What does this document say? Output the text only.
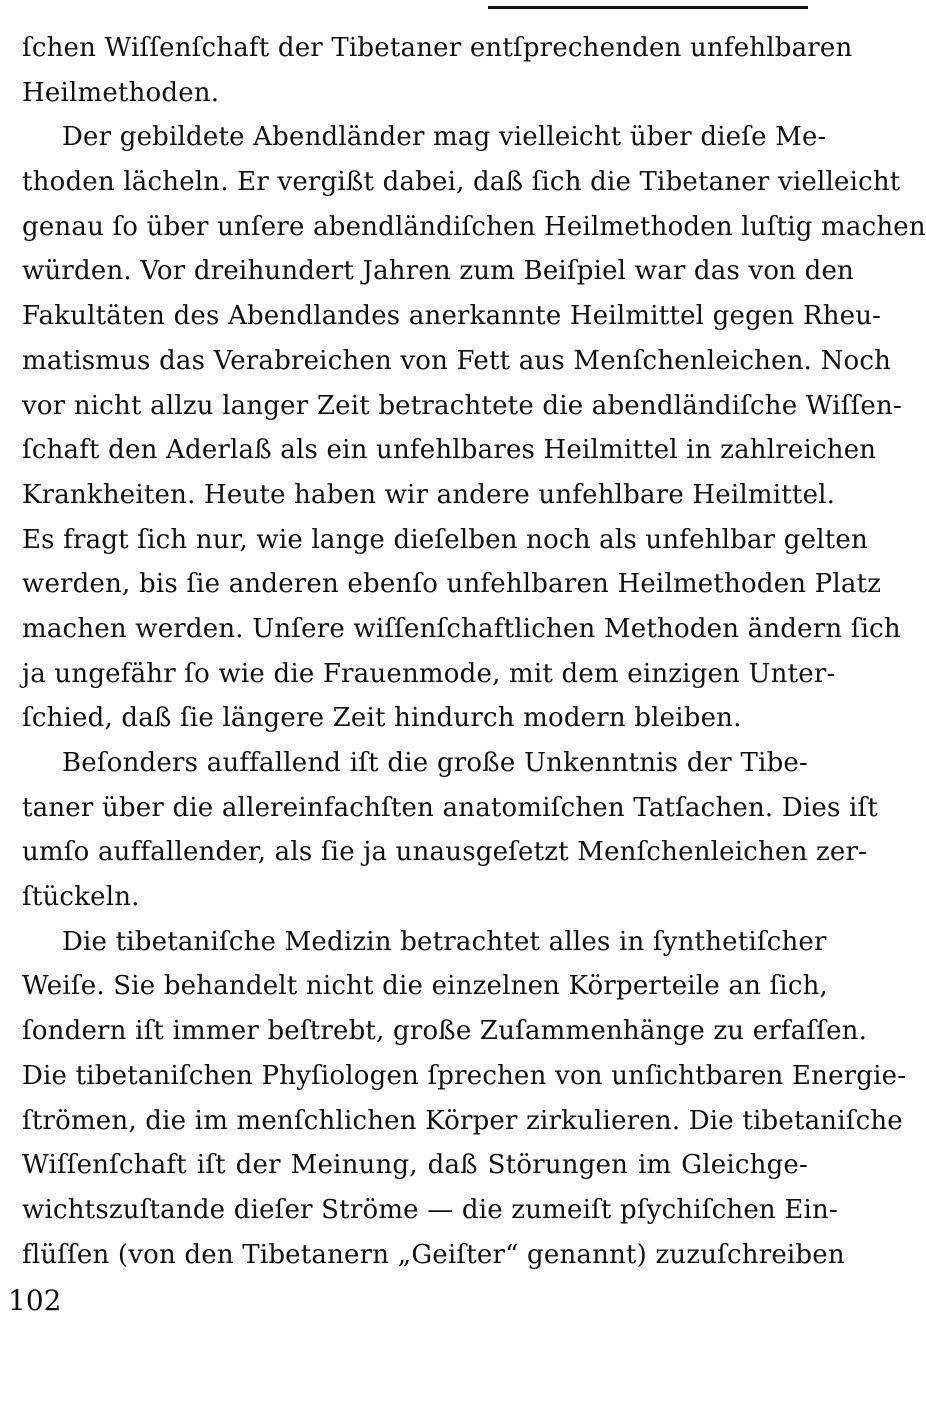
ſchen Wiſſenſchaft der Tibetaner entſprechenden unfehlbaren
Heilmethoden.
Der gebildete Abendländer mag vielleicht über dieſe Me-
thoden lächeln. Er vergißt dabei, daß ſich die Tibetaner vielleicht
genau ſo über unſere abendländiſchen Heilmethoden luſtig machen
würden. Vor dreihundert Jahren zum Beiſpiel war das von den
Fakultäten des Abendlandes anerkannte Heilmittel gegen Rheu-
matismus das Verabreichen von Fett aus Menſchenleichen. Noch
vor nicht allzu langer Zeit betrachtete die abendländiſche Wiſſen-
ſchaft den Aderlaß als ein unfehlbares Heilmittel in zahlreichen
Krankheiten. Heute haben wir andere unfehlbare Heilmittel.
Es fragt ſich nur, wie lange dieſelben noch als unfehlbar gelten
werden, bis ſie anderen ebenſo unfehlbaren Heilmethoden Platz
machen werden. Unſere wiſſenſchaftlichen Methoden ändern ſich
ja ungefähr ſo wie die Frauenmode, mit dem einzigen Unter-
ſchied, daß ſie längere Zeit hindurch modern bleiben.
Beſonders auffallend iſt die große Unkenntnis der Tibe-
taner über die allereinfachſten anatomiſchen Tatſachen. Dies iſt
umſo auffallender, als ſie ja unausgeſetzt Menſchenleichen zer-
ſtückeln.
Die tibetaniſche Medizin betrachtet alles in ſynthetiſcher
Weiſe. Sie behandelt nicht die einzelnen Körperteile an ſich,
ſondern iſt immer beſtrebt, große Zuſammenhänge zu erfaſſen.
Die tibetaniſchen Phyſiologen ſprechen von unſichtbaren Energie-
ſtrömen, die im menſchlichen Körper zirkulieren. Die tibetaniſche
Wiſſenſchaft iſt der Meinung, daß Störungen im Gleichge-
wichtszuſtande dieſer Ströme — die zumeiſt pſychiſchen Ein-
flüſſen (von den Tibetanern „Geiſter“ genannt) zuzuſchreiben
102
